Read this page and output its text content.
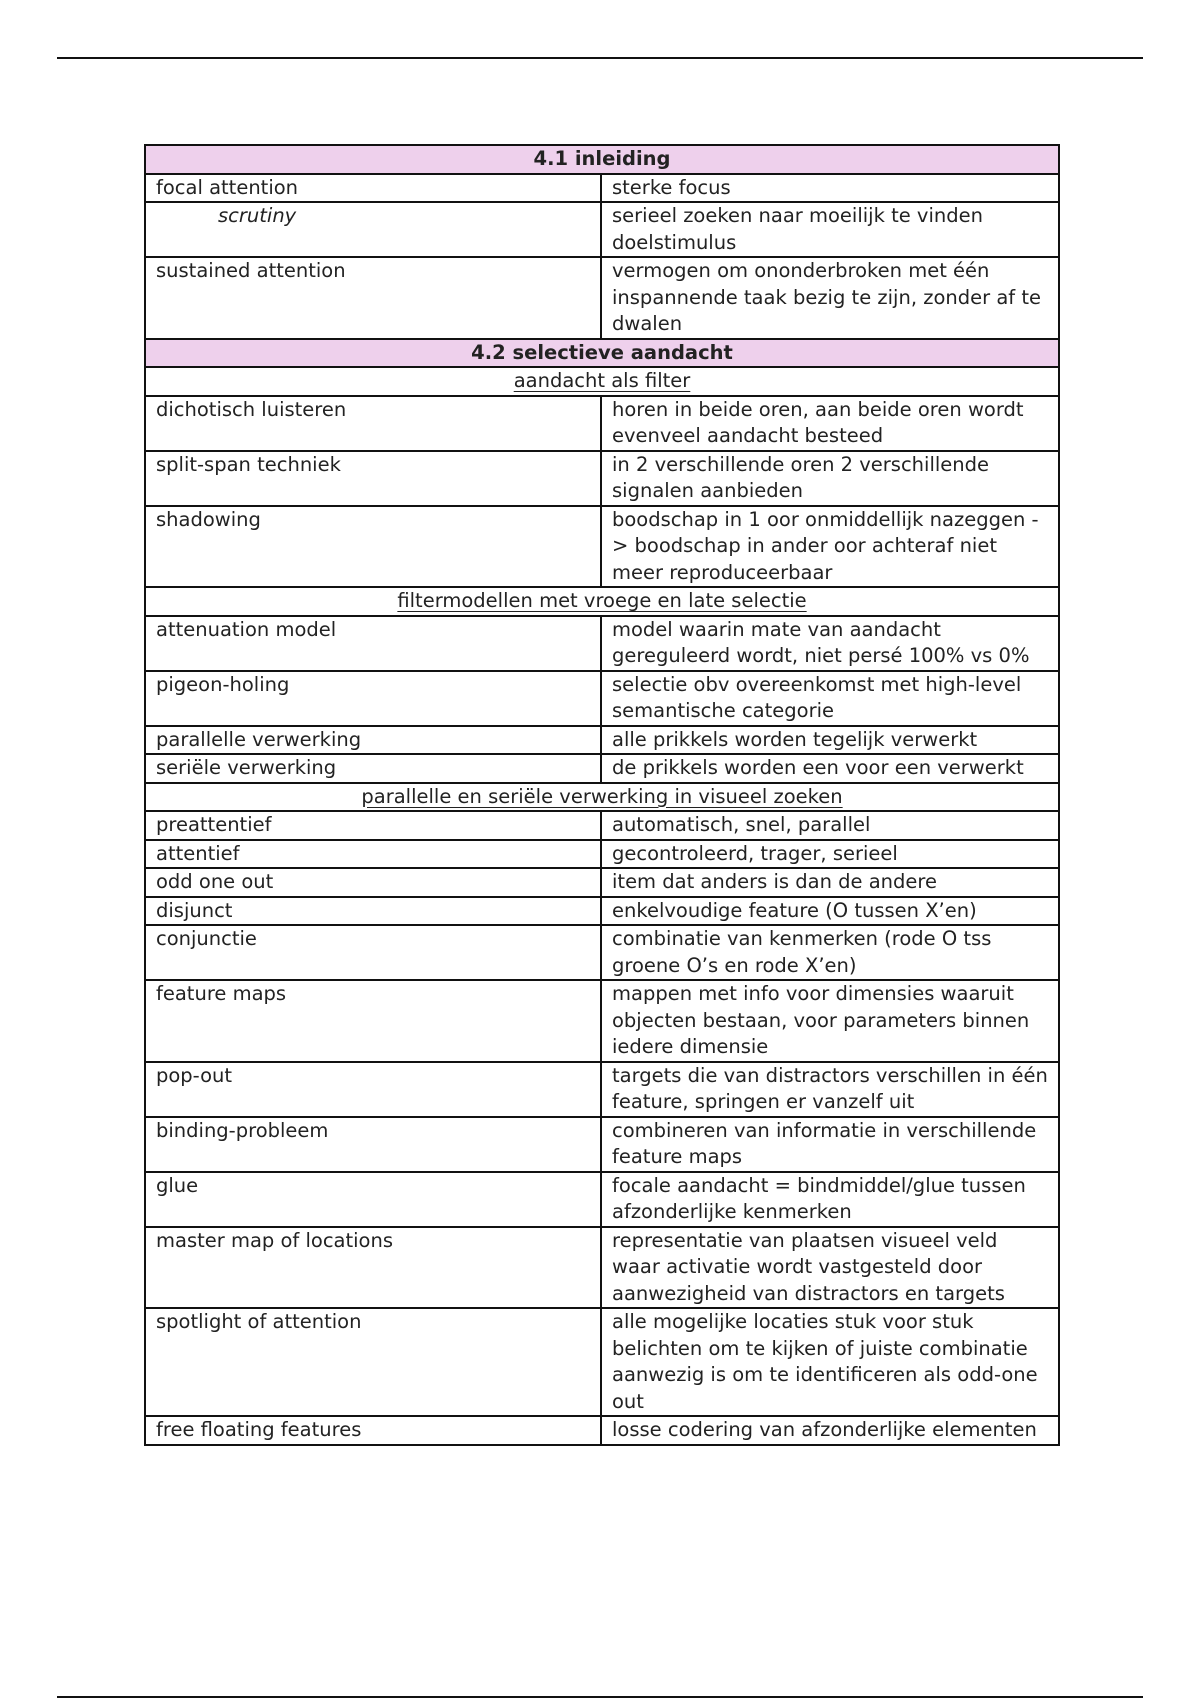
4.1 inleiding	
focal attention	sterke focus
scrutiny	serieel zoeken naar moeilijk te vinden doelstimulus
sustained attention	vermogen om ononderbroken met één inspannende taak bezig te zijn, zonder af te dwalen
4.2 selectieve aandacht	
aandacht als filter	
dichotisch luisteren	horen in beide oren, aan beide oren wordt evenveel aandacht besteed
split-span techniek	in 2 verschillende oren 2 verschillende signalen aanbieden
shadowing	boodschap in 1 oor onmiddellijk nazeggen -> boodschap in ander oor achteraf niet meer reproduceerbaar
filtermodellen met vroege en late selectie	
attenuation model	model waarin mate van aandacht gereguleerd wordt, niet persé 100% vs 0%
pigeon-holing	selectie obv overeenkomst met high-level semantische categorie
parallelle verwerking	alle prikkels worden tegelijk verwerkt
seriële verwerking	de prikkels worden een voor een verwerkt
parallelle en seriële verwerking in visueel zoeken	
preattentief	automatisch, snel, parallel
attentief	gecontroleerd, trager, serieel
odd one out	item dat anders is dan de andere
disjunct	enkelvoudige feature (O tussen X’en)
conjunctie	combinatie van kenmerken (rode O tss groene O’s en rode X’en)
feature maps	mappen met info voor dimensies waaruit objecten bestaan, voor parameters binnen iedere dimensie
pop-out	targets die van distractors verschillen in één feature, springen er vanzelf uit
binding-probleem	combineren van informatie in verschillende feature maps
glue	focale aandacht = bindmiddel/glue tussen afzonderlijke kenmerken
master map of locations	representatie van plaatsen visueel veld waar activatie wordt vastgesteld door aanwezigheid van distractors en targets
spotlight of attention	alle mogelijke locaties stuk voor stuk belichten om te kijken of juiste combinatie aanwezig is om te identificeren als odd-one out
free floating features	losse codering van afzonderlijke elementen
